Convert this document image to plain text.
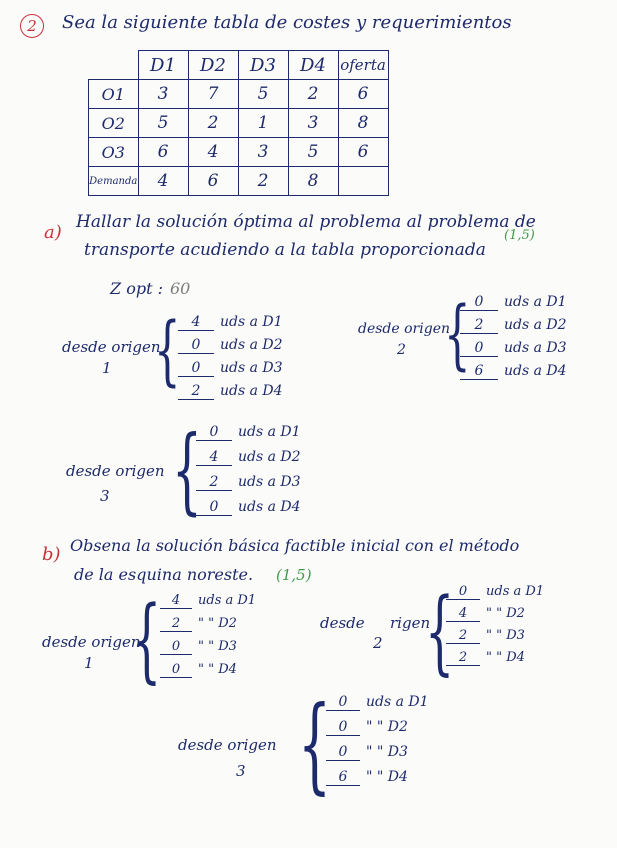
2	Sea la siguiente tabla de costes y requerimientos
	D1	D2	D3	D4	oferta
O1	3	7	5	2	6
O2	5	2	1	3	8
O3	6	4	3	5	6
Demanda	4	6	2	8	
a) Hallar la solución óptima al problema al problema de
transporte acudiendo a la tabla proporcionada
(1,5)
Z opt : 60
desde origen
1 { 4 uds a D1
0 uds a D2
0 uds a D3
2 uds a D4
desde origen
2 { 0 uds a D1
2 uds a D2
0 uds a D3
6 uds a D4
desde origen
3 { 0 uds a D1
4 uds a D2
2 uds a D3
0 uds a D4
b) Obsena la solución básica factible inicial con el método
de la esquina noreste. (1,5)
desde origen
1 { 4 uds a D1
2 " " D2
0 " " D3
0 " " D4
desde rigen
2 { 0 uds a D1
4 " " D2
2 " " D3
2 " " D4
desde origen
3 { 0 uds a D1
0 " " D2
0 " " D3
6 " " D4
